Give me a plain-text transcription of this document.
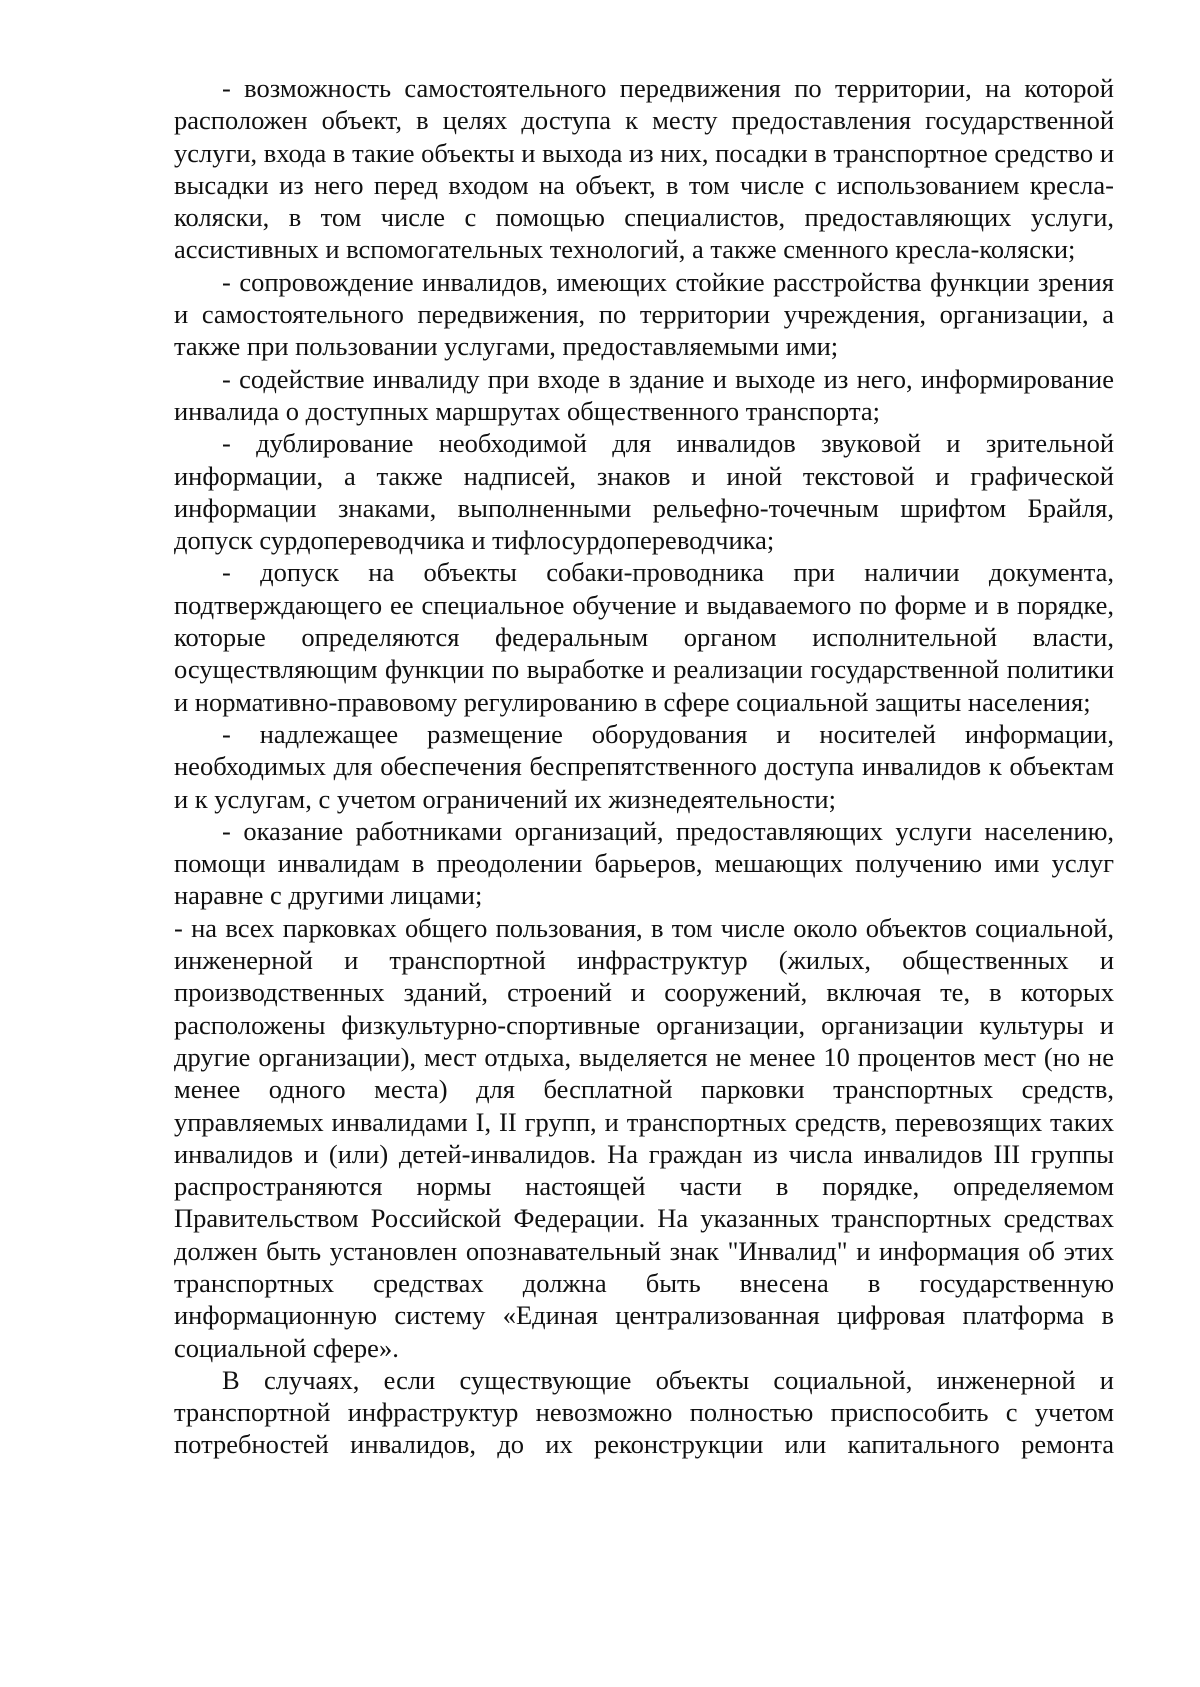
- возможность самостоятельного передвижения по территории, на которой расположен объект, в целях доступа к месту предоставления государственной услуги, входа в такие объекты и выхода из них, посадки в транспортное средство и высадки из него перед входом на объект, в том числе с использованием кресла-коляски, в том числе с помощью специалистов, предоставляющих услуги, ассистивных и вспомогательных технологий, а также сменного кресла-коляски;

- сопровождение инвалидов, имеющих стойкие расстройства функции зрения и самостоятельного передвижения, по территории учреждения, организации, а также при пользовании услугами, предоставляемыми ими;

- содействие инвалиду при входе в здание и выходе из него, информирование инвалида о доступных маршрутах общественного транспорта;

- дублирование необходимой для инвалидов звуковой и зрительной информации, а также надписей, знаков и иной текстовой и графической информации знаками, выполненными рельефно-точечным шрифтом Брайля, допуск сурдопереводчика и тифлосурдопереводчика;

- допуск на объекты собаки-проводника при наличии документа, подтверждающего ее специальное обучение и выдаваемого по форме и в порядке, которые определяются федеральным органом исполнительной власти, осуществляющим функции по выработке и реализации государственной политики и нормативно-правовому регулированию в сфере социальной защиты населения;

- надлежащее размещение оборудования и носителей информации, необходимых для обеспечения беспрепятственного доступа инвалидов к объектам и к услугам, с учетом ограничений их жизнедеятельности;

- оказание работниками организаций, предоставляющих услуги населению, помощи инвалидам в преодолении барьеров, мешающих получению ими услуг наравне с другими лицами;

- на всех парковках общего пользования, в том числе около объектов социальной, инженерной и транспортной инфраструктур (жилых, общественных и производственных зданий, строений и сооружений, включая те, в которых расположены физкультурно-спортивные организации, организации культуры и другие организации), мест отдыха, выделяется не менее 10 процентов мест (но не менее одного места) для бесплатной парковки транспортных средств, управляемых инвалидами I, II групп, и транспортных средств, перевозящих таких инвалидов и (или) детей-инвалидов. На граждан из числа инвалидов III группы распространяются нормы настоящей части в порядке, определяемом Правительством Российской Федерации. На указанных транспортных средствах должен быть установлен опознавательный знак "Инвалид" и информация об этих транспортных средствах должна быть внесена в государственную информационную систему «Единая централизованная цифровая платформа в социальной сфере».

В случаях, если существующие объекты социальной, инженерной и транспортной инфраструктур невозможно полностью приспособить с учетом потребностей инвалидов, до их реконструкции или капитального ремонта
